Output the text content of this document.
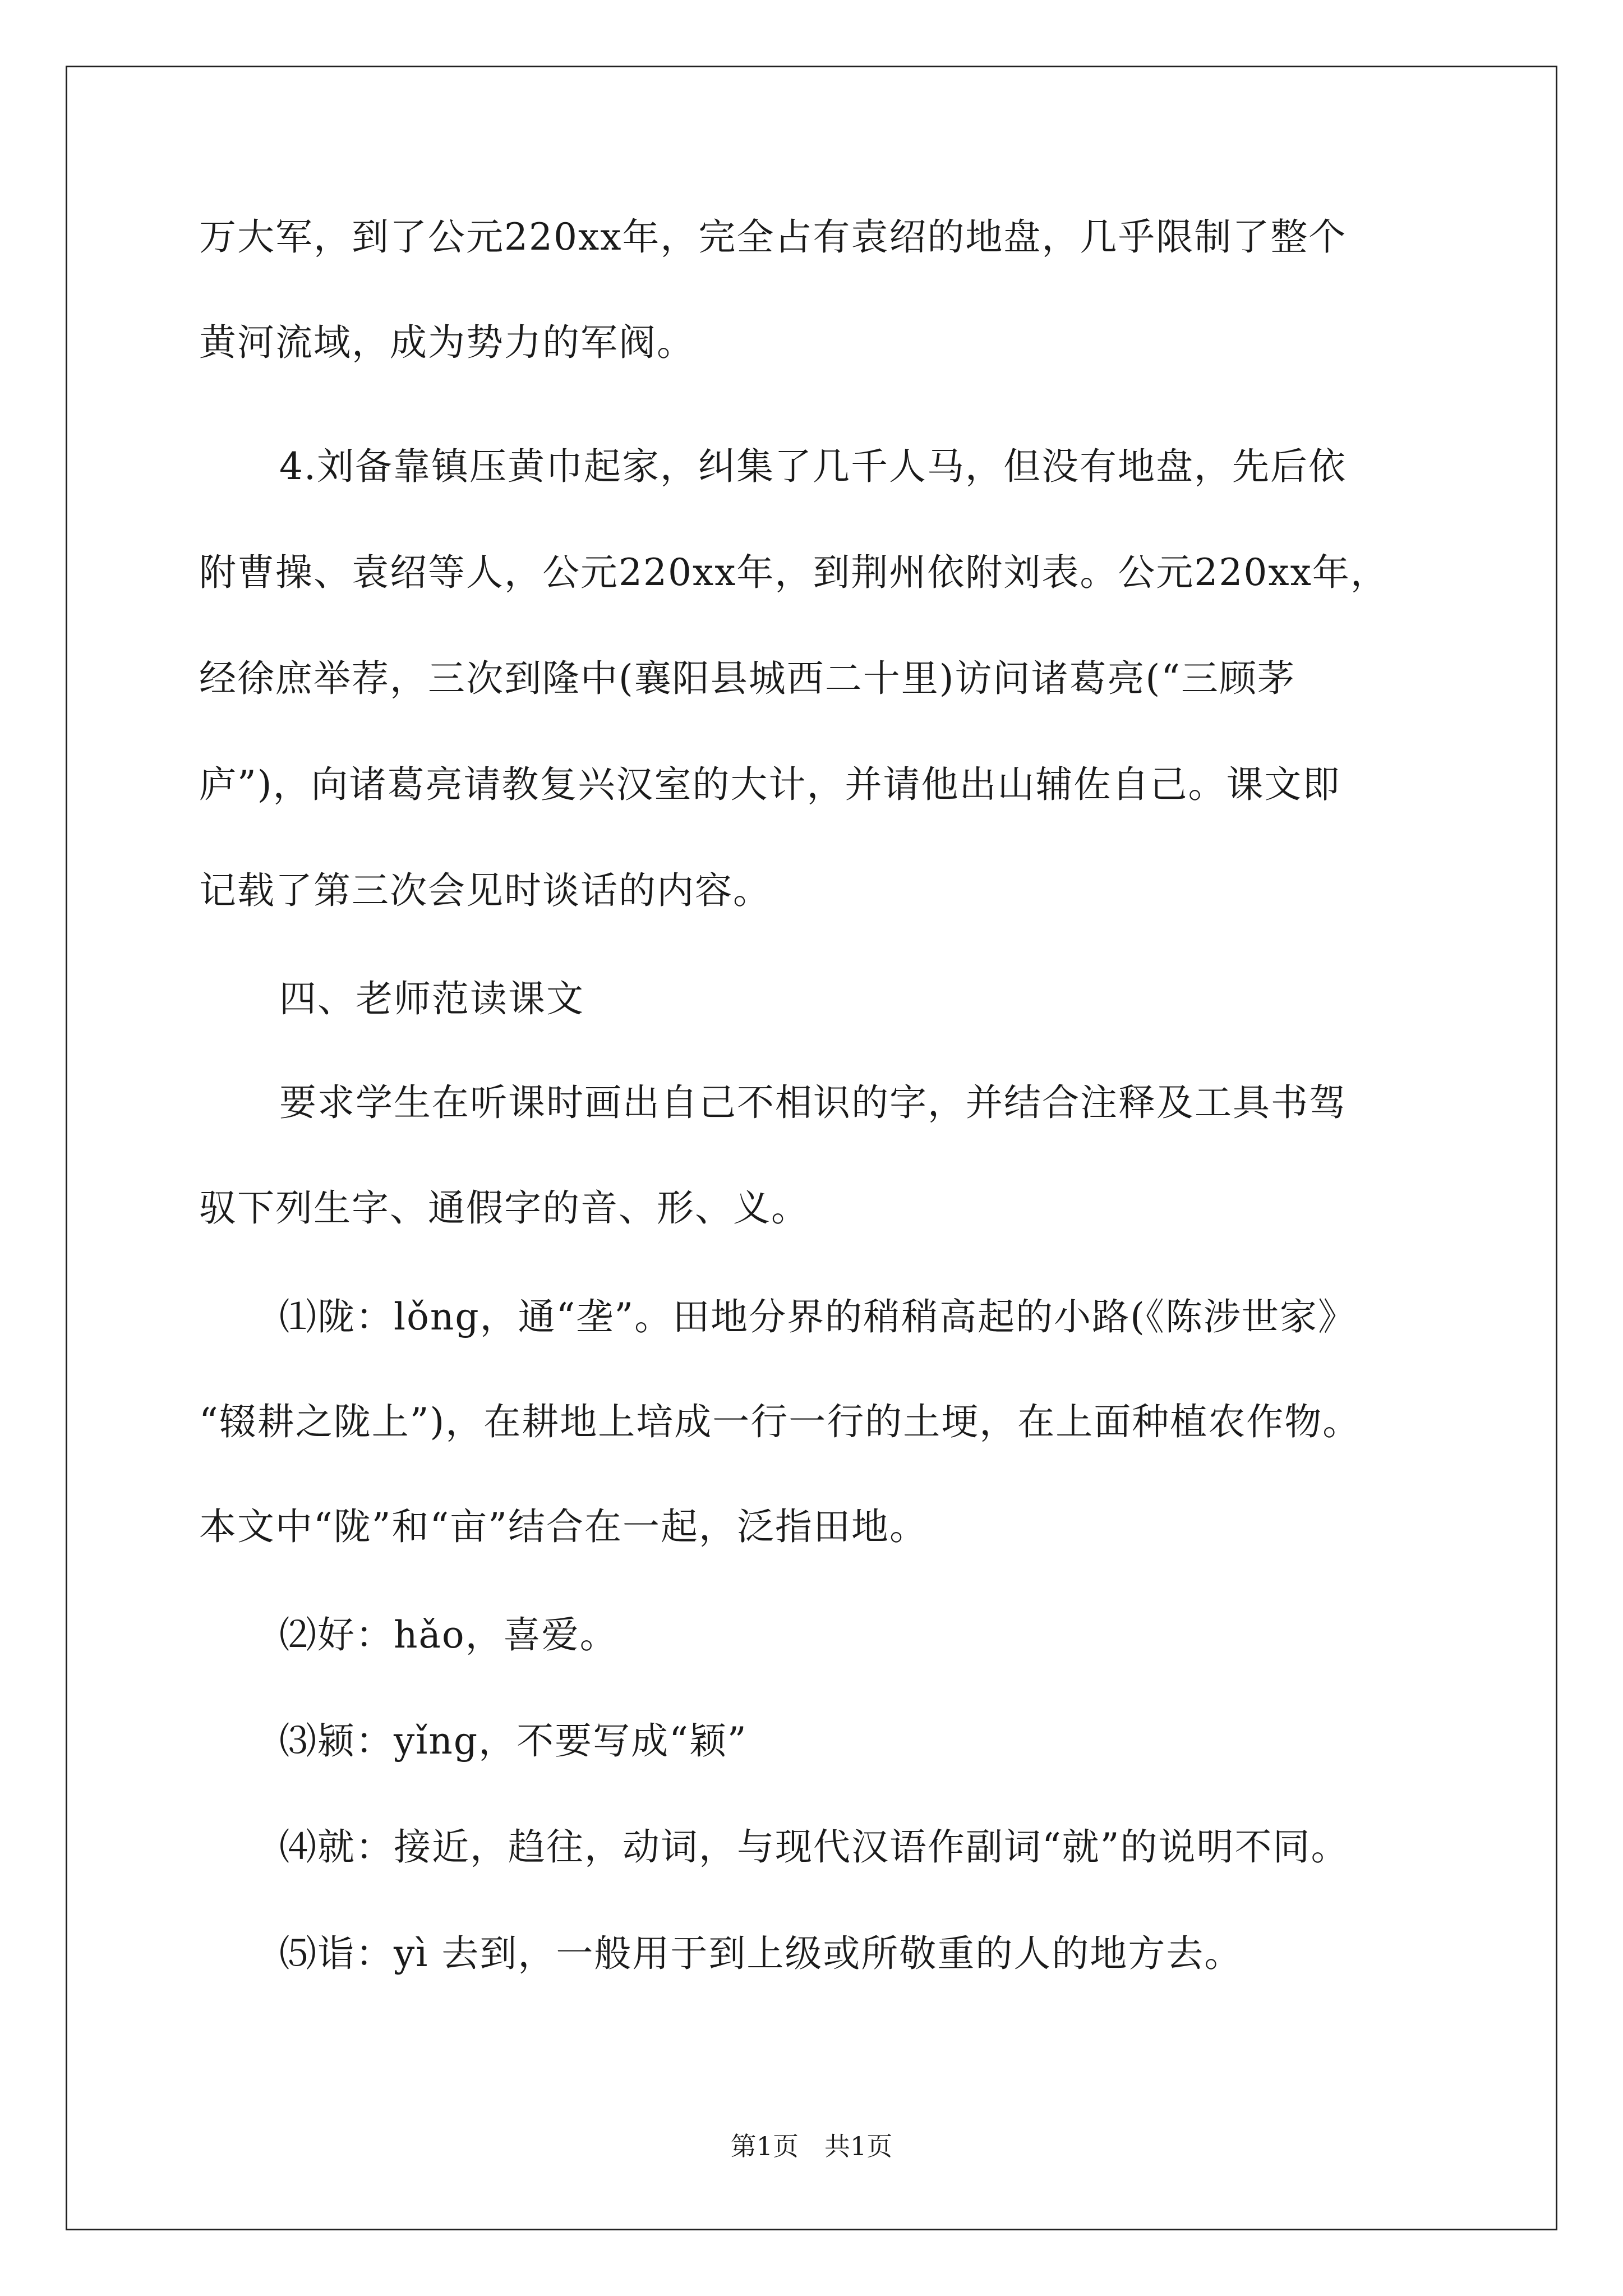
万大军，到了公元220xx年，完全占有袁绍的地盘，几乎限制了整个
黄河流域，成为势力的军阀。
4.刘备靠镇压黄巾起家，纠集了几千人马，但没有地盘，先后依
附曹操、袁绍等人，公元220xx年，到荆州依附刘表。公元220xx年，
经徐庶举荐，三次到隆中(襄阳县城西二十里)访问诸葛亮(“三顾茅
庐”)，向诸葛亮请教复兴汉室的大计，并请他出山辅佐自己。课文即
记载了第三次会见时谈话的内容。
四、老师范读课文
要求学生在听课时画出自己不相识的字，并结合注释及工具书驾
驭下列生字、通假字的音、形、义。
⑴陇：lǒng，通“垄”。田地分界的稍稍高起的小路(《陈涉世家》
“辍耕之陇上”)，在耕地上培成一行一行的土埂，在上面种植农作物。
本文中“陇”和“亩”结合在一起，泛指田地。
⑵好：hǎo，喜爱。
⑶颍：yǐng，不要写成“颖”
⑷就：接近，趋往，动词，与现代汉语作副词“就”的说明不同。
⑸诣：yì 去到，一般用于到上级或所敬重的人的地方去。
第1页　共1页
